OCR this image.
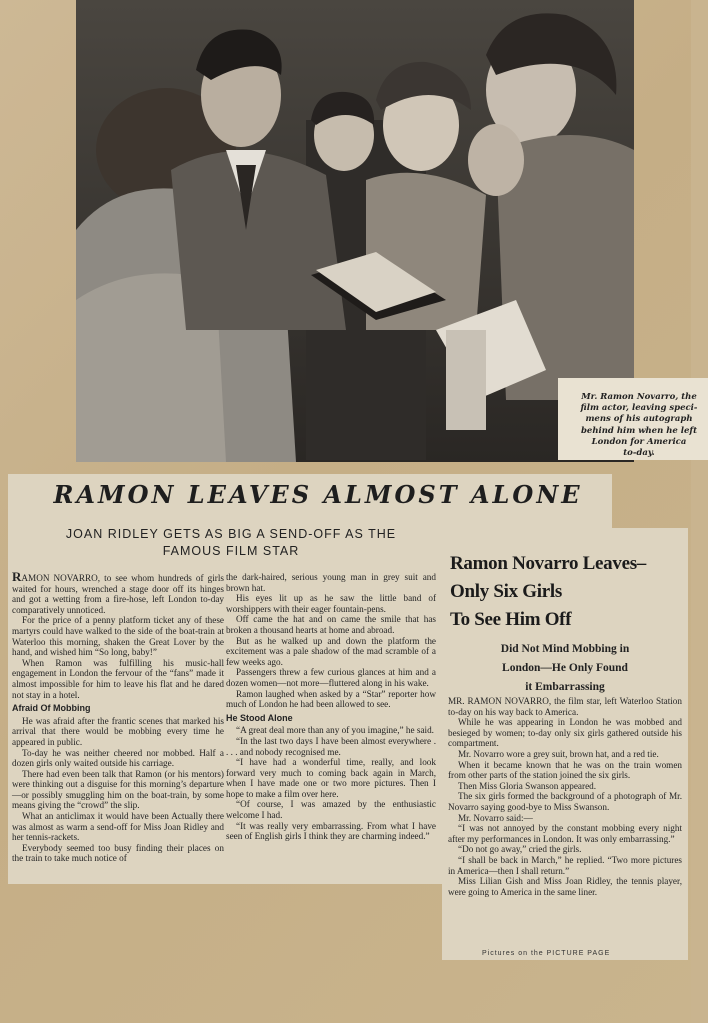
Mr. Ramon Novarro, the
film actor, leaving speci-
mens of his autograph
behind him when he left
London for America
to-day.
RAMON LEAVES ALMOST ALONE
JOAN RIDLEY GETS AS BIG A SEND-OFF AS THE
FAMOUS FILM STAR

RAMON NOVARRO, to see whom hundreds of girls waited for hours, wrenched a stage door off its hinges and got a wetting from a fire-hose, left London to-day comparatively unnoticed.

For the price of a penny platform ticket any of these martyrs could have walked to the side of the boat-train at Waterloo this morning, shaken the Great Lover by the hand, and wished him “So long, baby!”

When Ramon was fulfilling his music-hall engagement in London the fervour of the “fans” made it almost impossible for him to leave his flat and he dared not stay in a hotel.

Afraid Of Mobbing

He was afraid after the frantic scenes that marked his arrival that there would be mobbing every time he appeared in public.

To-day he was neither cheered nor mobbed. Half a dozen girls only waited outside his carriage.

There had even been talk that Ramon (or his mentors) were thinking out a disguise for this morning’s departure—or possibly smuggling him on the boat-train, by some means giving the “crowd” the slip.

What an anticlimax it would have been Actually there was almost as warm a send-off for Miss Joan Ridley and her tennis-rackets.

Everybody seemed too busy finding their places on the train to take much notice of

the dark-haired, serious young man in grey suit and brown hat.

His eyes lit up as he saw the little band of worshippers with their eager fountain-pens.

Off came the hat and on came the smile that has broken a thousand hearts at home and abroad.

But as he walked up and down the platform the excitement was a pale shadow of the mad scramble of a few weeks ago.

Passengers threw a few curious glances at him and a dozen women—not more—fluttered along in his wake.

Ramon laughed when asked by a “Star” reporter how much of London he had been allowed to see.

He Stood Alone

“A great deal more than any of you imagine,” he said.

“In the last two days I have been almost everywhere . . . . and nobody recognised me.

“I have had a wonderful time, really, and look forward very much to coming back again in March, when I have made one or two more pictures. Then I hope to make a film over here.

“Of course, I was amazed by the enthusiastic welcome I had.

“It was really very embarrassing. From what I have seen of English girls I think they are charming indeed.”

Ramon Novarro Leaves–
Only Six Girls
To See Him Off
Did Not Mind Mobbing in
London—He Only Found
it Embarrassing

MR. RAMON NOVARRO, the film star, left Waterloo Station to-day on his way back to America.

While he was appearing in London he was mobbed and besieged by women; to-day only six girls gathered outside his compartment.

Mr. Novarro wore a grey suit, brown hat, and a red tie.

When it became known that he was on the train women from other parts of the station joined the six girls.

Then Miss Gloria Swanson appeared.

The six girls formed the background of a photograph of Mr. Novarro saying good-bye to Miss Swanson.

Mr. Novarro said:—

“I was not annoyed by the constant mobbing every night after my performances in London. It was only embarrassing.”

“Do not go away,” cried the girls.

“I shall be back in March,” he replied. “Two more pictures in America—then I shall return.”

Miss Lilian Gish and Miss Joan Ridley, the tennis player, were going to America in the same liner.

Pictures on the PICTURE PAGE
